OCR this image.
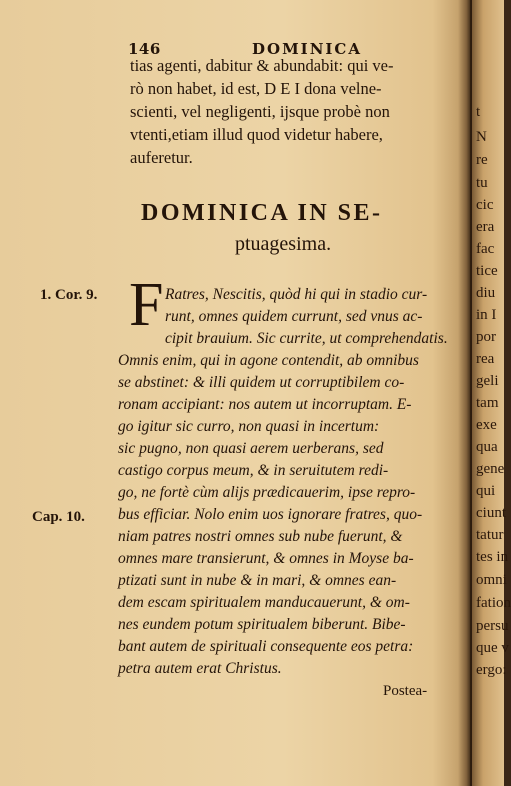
146	DOMINICA
tias agenti, dabitur & abundabit: qui ve-
rò non habet, id est, D E I dona velne-
scienti, vel negligenti, ijsque probè non
vtenti,etiam illud quod videtur habere,
auferetur.
DOMINICA IN SE-
ptuagesima.
1. Cor. 9.
Cap. 10.
F Ratres, Nescitis, quòd hi qui in stadio cur-
runt, omnes quidem currunt, sed vnus ac-
cipit brauium. Sic currite, ut comprehendatis.
Omnis enim, qui in agone contendit, ab omnibus
se abstinet: & illi quidem ut corruptibilem co-
ronam accipiant: nos autem ut incorruptam. E-
go igitur sic curro, non quasi in incertum:
sic pugno, non quasi aerem uerberans, sed
castigo corpus meum, & in seruitutem redi-
go, ne fortè cùm alijs prædicauerim, ipse repro-
bus efficiar. Nolo enim uos ignorare fratres, quo-
niam patres nostri omnes sub nube fuerunt, &
omnes mare transierunt, & omnes in Moyse ba-
ptizati sunt in nube & in mari, & omnes ean-
dem escam spiritualem manducauerunt, & om-
nes eundem potum spiritualem biberunt. Bibe-
bant autem de spirituali consequente eos petra:
petra autem erat Christus.
Postea-
t
N
re
tu
cic
era
fac
tice
diu
in I
por
rea
geli
tam
exe
qua
gene
qui
ciunt
tatur
tes in
omni
fation
persu
que v
ergo:
